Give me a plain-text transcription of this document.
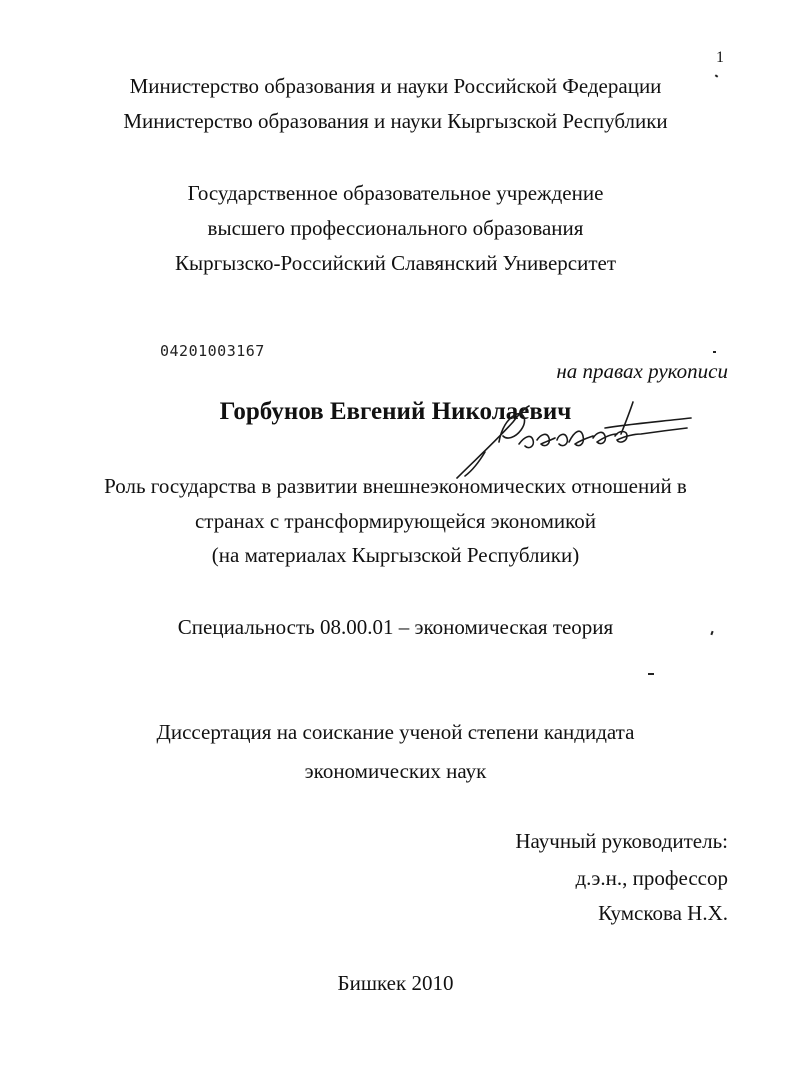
1
Министерство образования и науки Российской Федерации
Министерство образования и науки Кыргызской Республики
Государственное образовательное учреждение
высшего профессионального образования
Кыргызско-Российский Славянский Университет
04201003167
на правах рукописи
Горбунов Евгений Николаевич
Роль государства в развитии внешнеэкономических отношений в
странах с трансформирующейся экономикой
(на материалах Кыргызской Республики)
Специальность 08.00.01 – экономическая теория
Диссертация на соискание ученой степени кандидата
экономических наук
Научный руководитель:
д.э.н., профессор
Кумскова Н.Х.
Бишкек 2010
